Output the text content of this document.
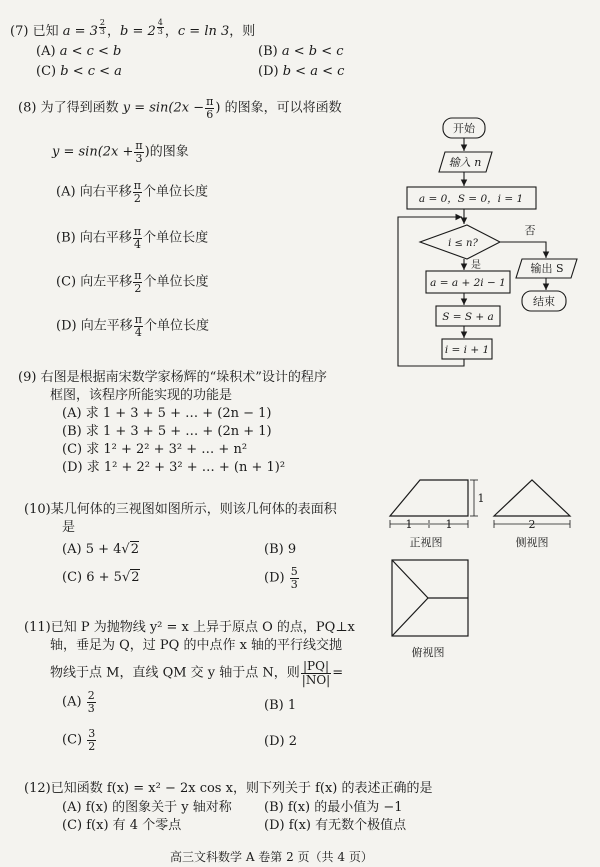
(7) 已知 a = 3 $^{\frac{2}{3}}$ ，b = 2 $^{\frac{4}{3}}$ ，c = ln 3，则
(A) a < c < b	(B) a < b < c
(C) b < c < a	(D) b < a < c
(8) 为了得到函数 $y = \sin(2x - \frac{\pi}{6}$ ) 的图象，可以将函数
$y = \sin(2x + \frac{\pi}{3}$ )的图象
(A) 向右平移 $\frac{\pi}{2}$ 个单位长度
(B) 向右平移 $\frac{\pi}{4}$ 个单位长度
(C) 向左平移 $\frac{\pi}{2}$ 个单位长度
(D) 向左平移 $\frac{\pi}{4}$ 个单位长度
开始
输入 n
a = 0，S = 0，i = 1
i ≤ n?
否
是
a = a + 2i − 1
S = S + a
i = i + 1
输出 S
结束
(9) 右图是根据南宋数学家杨辉的“垛积术”设计的程序
框图，该程序所能实现的功能是
(A) 求 1 + 3 + 5 + … + (2n − 1)
(B) 求 1 + 3 + 5 + … + (2n + 1)
(C) 求 1² + 2² + 3² + … + n²
(D) 求 1² + 2² + 3² + … + (n + 1)²
(10)某几何体的三视图如图所示，则该几何体的表面积
是
(A) 5 + 4√2	(B) 9
(C) 6 + 5√2	$(D) \frac{5}{3}$
1
1	1	2
正视图	侧视图
俯视图
(11)已知 P 为抛物线 y² = x 上异于原点 O 的点，PQ⊥x
轴，垂足为 Q，过 PQ 的中点作 x 轴的平行线交抛
物线于点 M，直线 QM 交 y 轴于点 N，则 $\frac{|PQ|}{|NO|}$ =
$(A) \frac{2}{3}$	(B) 1
$(C) \frac{3}{2}$	(D) 2
(12)已知函数 f(x) = x² − 2x cos x，则下列关于 f(x) 的表述正确的是
(A) f(x) 的图象关于 y 轴对称 (B) f(x) 的最小值为 −1
(C) f(x) 有 4 个零点	(D) f(x) 有无数个极值点
高三文科数学 A 卷第 2 页（共 4 页）
